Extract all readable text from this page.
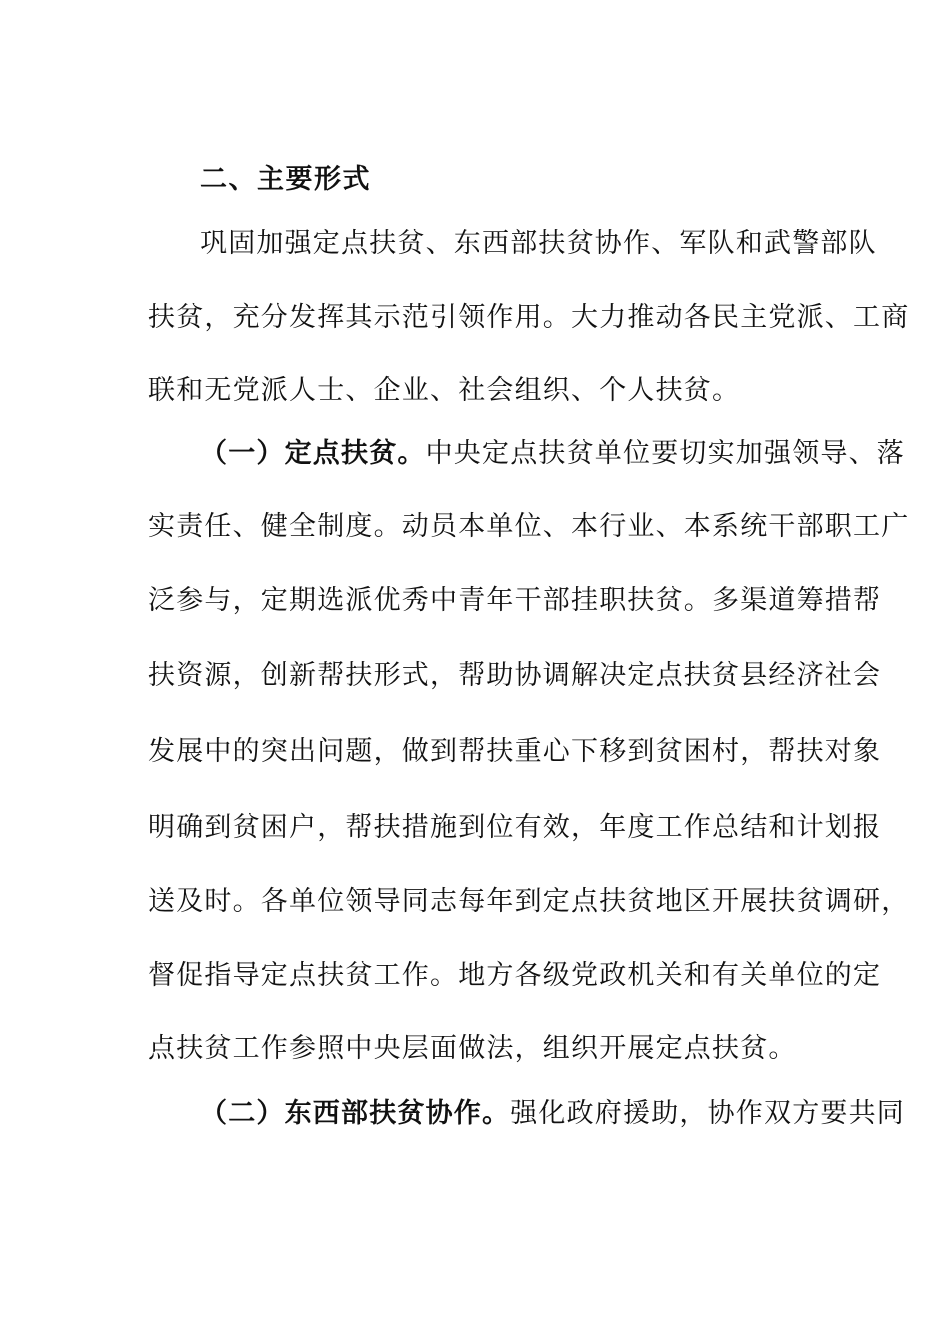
二、主要形式
巩固加强定点扶贫、东西部扶贫协作、军队和武警部队
扶贫，充分发挥其示范引领作用。大力推动各民主党派、工商
联和无党派人士、企业、社会组织、个人扶贫。
（一）定点扶贫。中央定点扶贫单位要切实加强领导、落
实责任、健全制度。动员本单位、本行业、本系统干部职工广
泛参与，定期选派优秀中青年干部挂职扶贫。多渠道筹措帮
扶资源，创新帮扶形式，帮助协调解决定点扶贫县经济社会
发展中的突出问题，做到帮扶重心下移到贫困村，帮扶对象
明确到贫困户，帮扶措施到位有效，年度工作总结和计划报
送及时。各单位领导同志每年到定点扶贫地区开展扶贫调研，
督促指导定点扶贫工作。地方各级党政机关和有关单位的定
点扶贫工作参照中央层面做法，组织开展定点扶贫。
（二）东西部扶贫协作。强化政府援助，协作双方要共同
